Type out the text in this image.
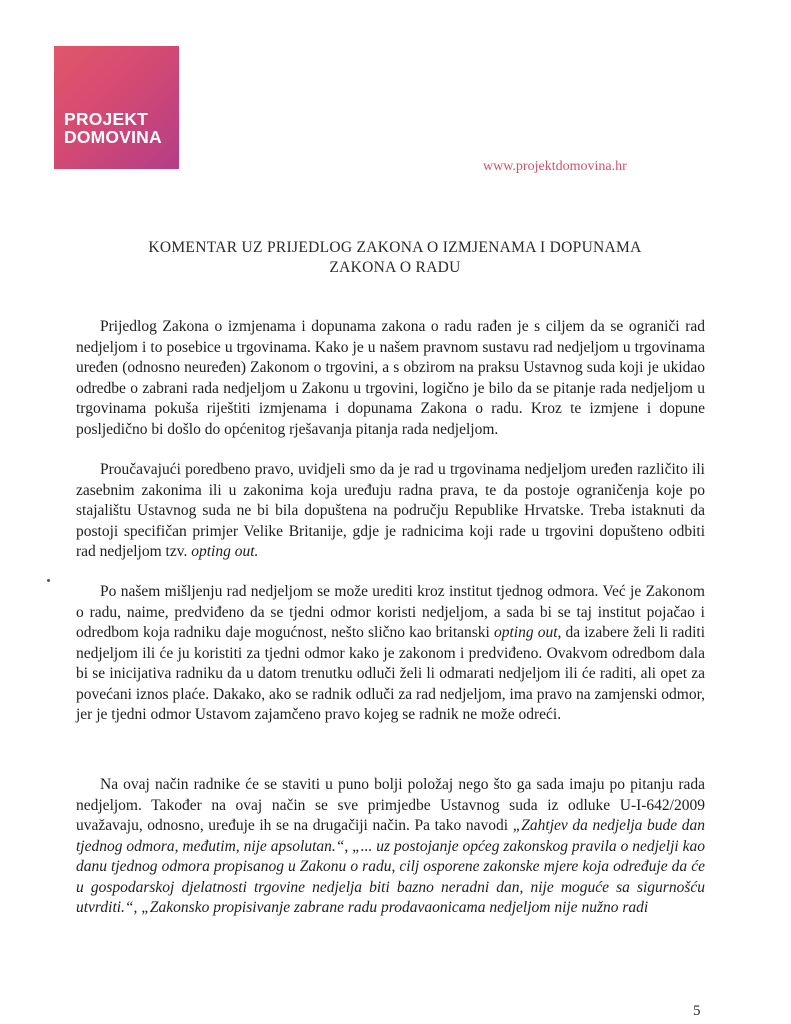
PROJEKT
DOMOVINA
www.projektdomovina.hr
KOMENTAR UZ PRIJEDLOG ZAKONA O IZMJENAMA I DOPUNAMA
ZAKONA O RADU

Prijedlog Zakona o izmjenama i dopunama zakona o radu rađen je s ciljem da se ograniči rad nedjeljom i to posebice u trgovinama. Kako je u našem pravnom sustavu rad nedjeljom u trgovinama uređen (odnosno neuređen) Zakonom o trgovini, a s obzirom na praksu Ustavnog suda koji je ukidao odredbe o zabrani rada nedjeljom u Zakonu u trgovini, logično je bilo da se pitanje rada nedjeljom u trgovinama pokuša riještiti izmjenama i dopunama Zakona o radu. Kroz te izmjene i dopune posljedično bi došlo do općenitog rješavanja pitanja rada nedjeljom.

Proučavajući poredbeno pravo, uvidjeli smo da je rad u trgovinama nedjeljom uređen različito ili zasebnim zakonima ili u zakonima koja uređuju radna prava, te da postoje ograničenja koje po stajalištu Ustavnog suda ne bi bila dopuštena na području Republike Hrvatske. Treba istaknuti da postoji specifičan primjer Velike Britanije, gdje je radnicima koji rade u trgovini dopušteno odbiti rad nedjeljom tzv. opting out.

Po našem mišljenju rad nedjeljom se može urediti kroz institut tjednog odmora. Već je Zakonom o radu, naime, predviđeno da se tjedni odmor koristi nedjeljom, a sada bi se taj institut pojačao i odredbom koja radniku daje mogućnost, nešto slično kao britanski opting out, da izabere želi li raditi nedjeljom ili će ju koristiti za tjedni odmor kako je zakonom i predviđeno. Ovakvom odredbom dala bi se inicijativa radniku da u datom trenutku odluči želi li odmarati nedjeljom ili će raditi, ali opet za povećani iznos plaće. Dakako, ako se radnik odluči za rad nedjeljom, ima pravo na zamjenski odmor, jer je tjedni odmor Ustavom zajamčeno pravo kojeg se radnik ne može odreći.

Na ovaj način radnike će se staviti u puno bolji položaj nego što ga sada imaju po pitanju rada nedjeljom. Također na ovaj način se sve primjedbe Ustavnog suda iz odluke U-I-642/2009 uvažavaju, odnosno, uređuje ih se na drugačiji način. Pa tako navodi „Zahtjev da nedjelja bude dan tjednog odmora, međutim, nije apsolutan.“, „... uz postojanje općeg zakonskog pravila o nedjelji kao danu tjednog odmora propisanog u Zakonu o radu, cilj osporene zakonske mjere koja određuje da će u gospodarskoj djelatnosti trgovine nedjelja biti bazno neradni dan, nije moguće sa sigurnošću utvrditi.“, „Zakonsko propisivanje zabrane radu prodavaonicama nedjeljom nije nužno radi

5
